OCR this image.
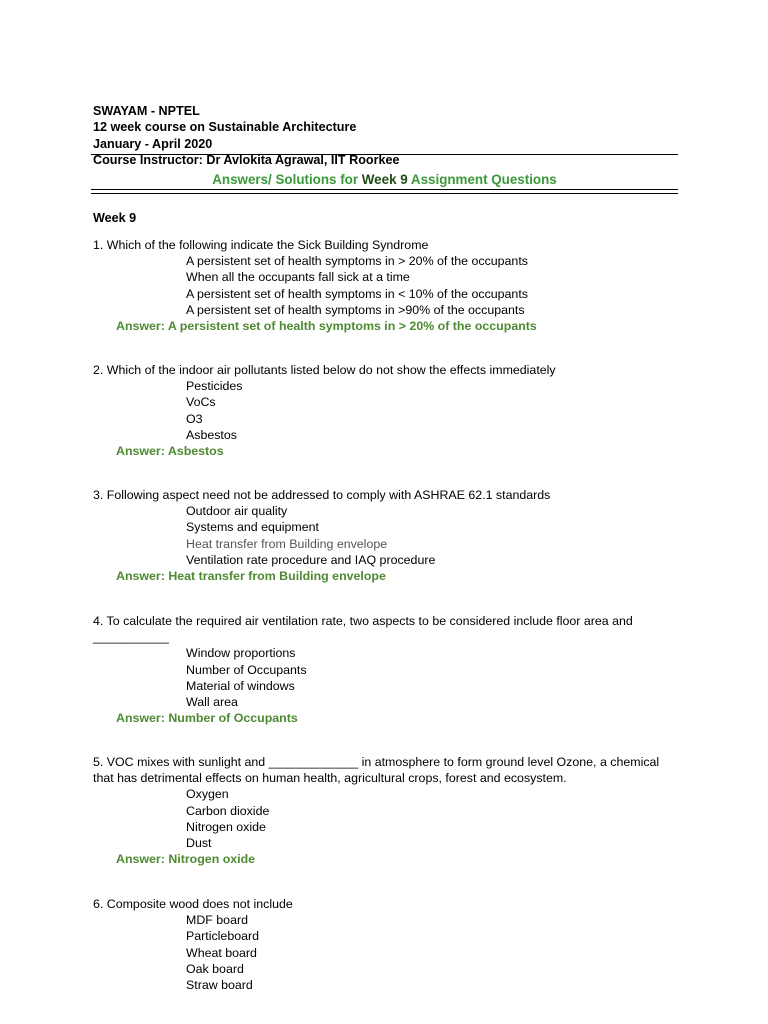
SWAYAM - NPTEL
12 week course on Sustainable Architecture
January - April 2020
Course Instructor: Dr Avlokita Agrawal, IIT Roorkee
Answers/ Solutions for Week 9 Assignment Questions
Week 9
1. Which of the following indicate the Sick Building Syndrome
A persistent set of health symptoms in > 20% of the occupants
When all the occupants fall sick at a time
A persistent set of health symptoms in < 10% of the occupants
A persistent set of health symptoms in >90% of the occupants
Answer: A persistent set of health symptoms in > 20% of the occupants
2. Which of the indoor air pollutants listed below do not show the effects immediately
Pesticides
VoCs
O3
Asbestos
Answer: Asbestos
3. Following aspect need not be addressed to comply with ASHRAE 62.1 standards
Outdoor air quality
Systems and equipment
Heat transfer from Building envelope
Ventilation rate procedure and IAQ procedure
Answer: Heat transfer from Building envelope
4. To calculate the required air ventilation rate, two aspects to be considered include floor area and ___________
Window proportions
Number of Occupants
Material of windows
Wall area
Answer: Number of Occupants
5. VOC mixes with sunlight and _____________ in atmosphere to form ground level Ozone, a chemical that has detrimental effects on human health, agricultural crops, forest and ecosystem.
Oxygen
Carbon dioxide
Nitrogen oxide
Dust
Answer: Nitrogen oxide
6. Composite wood does not include
MDF board
Particleboard
Wheat board
Oak board
Straw board
